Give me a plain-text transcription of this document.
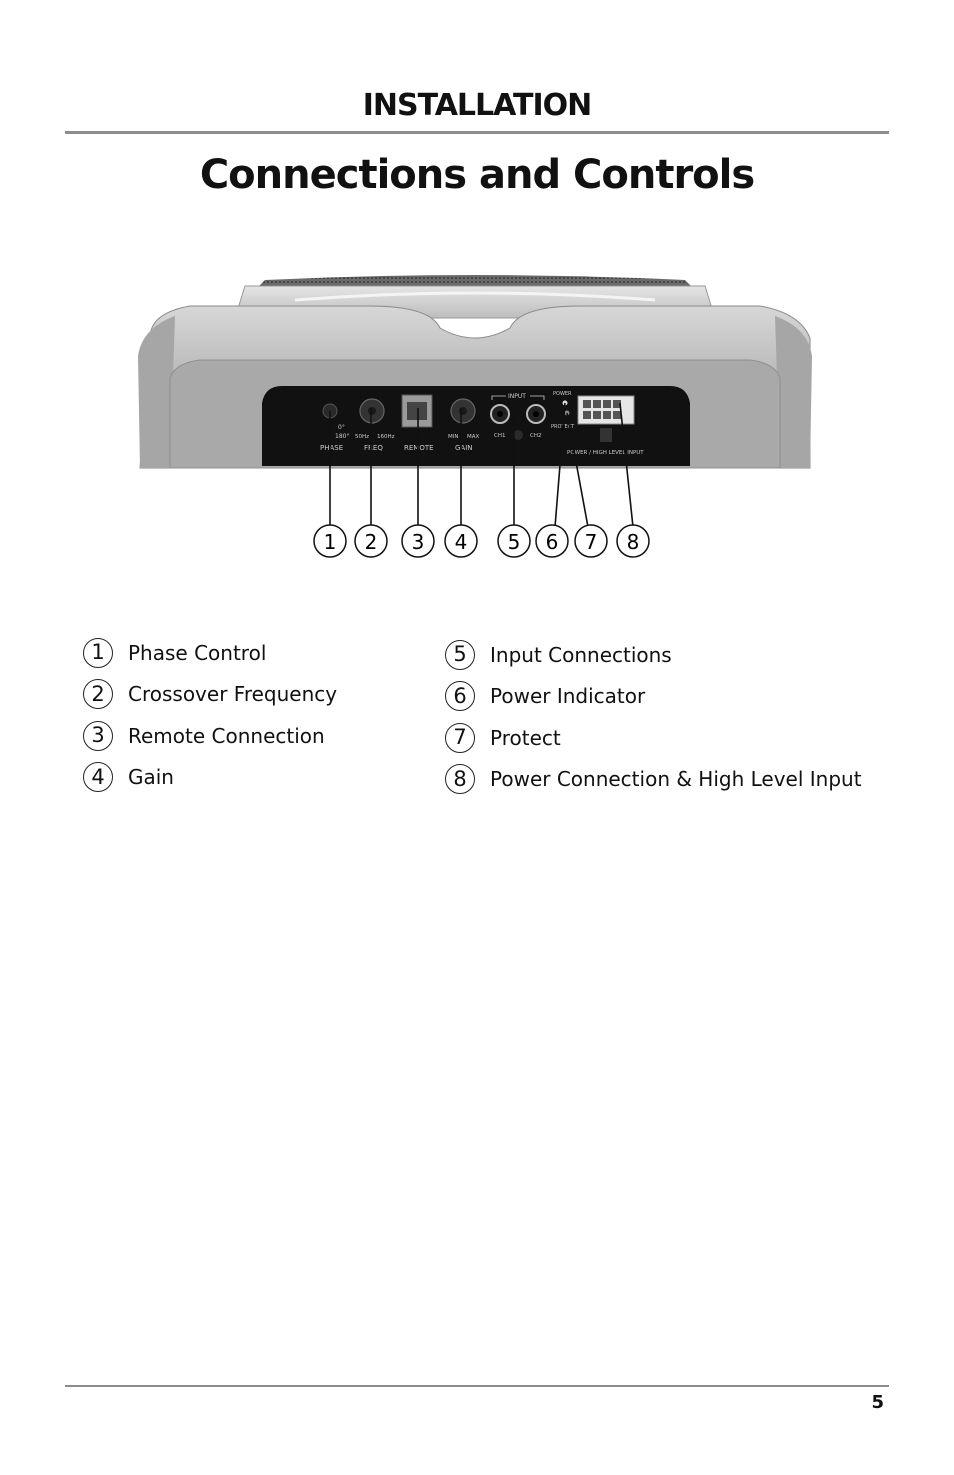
INSTALLATION
Connections and Controls
0°
180°
PHASE
50Hz 160Hz
FREQ	REMOTE
MIN MAX
GAIN
INPUT
CH1	CH2
POWER
PROTECT
POWER / HIGH LEVEL INPUT
1 2 3 4 5 6 7 8
1	Phase Control
2	Crossover Frequency
3	Remote Connection
4	Gain
5	Input Connections
6	Power Indicator
7	Protect
8	Power Connection & High Level Input
5
